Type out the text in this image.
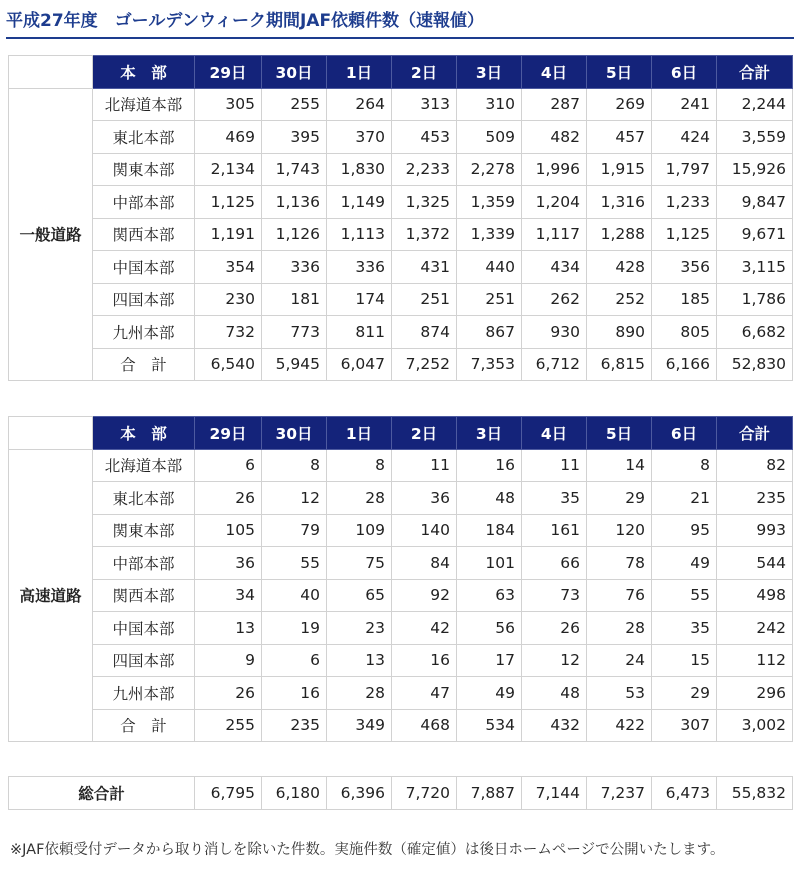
平成27年度　ゴールデンウィーク期間JAF依頼件数（速報値）
	本　部	29日	30日	1日	2日	3日	4日	5日	6日	合計
一般道路	北海道本部	305	255	264	313	310	287	269	241	2,244
	東北本部	469	395	370	453	509	482	457	424	3,559
	関東本部	2,134	1,743	1,830	2,233	2,278	1,996	1,915	1,797	15,926
	中部本部	1,125	1,136	1,149	1,325	1,359	1,204	1,316	1,233	9,847
	関西本部	1,191	1,126	1,113	1,372	1,339	1,117	1,288	1,125	9,671
	中国本部	354	336	336	431	440	434	428	356	3,115
	四国本部	230	181	174	251	251	262	252	185	1,786
	九州本部	732	773	811	874	867	930	890	805	6,682
	合　計	6,540	5,945	6,047	7,252	7,353	6,712	6,815	6,166	52,830
	本　部	29日	30日	1日	2日	3日	4日	5日	6日	合計
高速道路	北海道本部	6	8	8	11	16	11	14	8	82
	東北本部	26	12	28	36	48	35	29	21	235
	関東本部	105	79	109	140	184	161	120	95	993
	中部本部	36	55	75	84	101	66	78	49	544
	関西本部	34	40	65	92	63	73	76	55	498
	中国本部	13	19	23	42	56	26	28	35	242
	四国本部	9	6	13	16	17	12	24	15	112
	九州本部	26	16	28	47	49	48	53	29	296
	合　計	255	235	349	468	534	432	422	307	3,002
総合計	6,795	6,180	6,396	7,720	7,887	7,144	7,237	6,473	55,832
※JAF依頼受付データから取り消しを除いた件数。実施件数（確定値）は後日ホームページで公開いたします。
